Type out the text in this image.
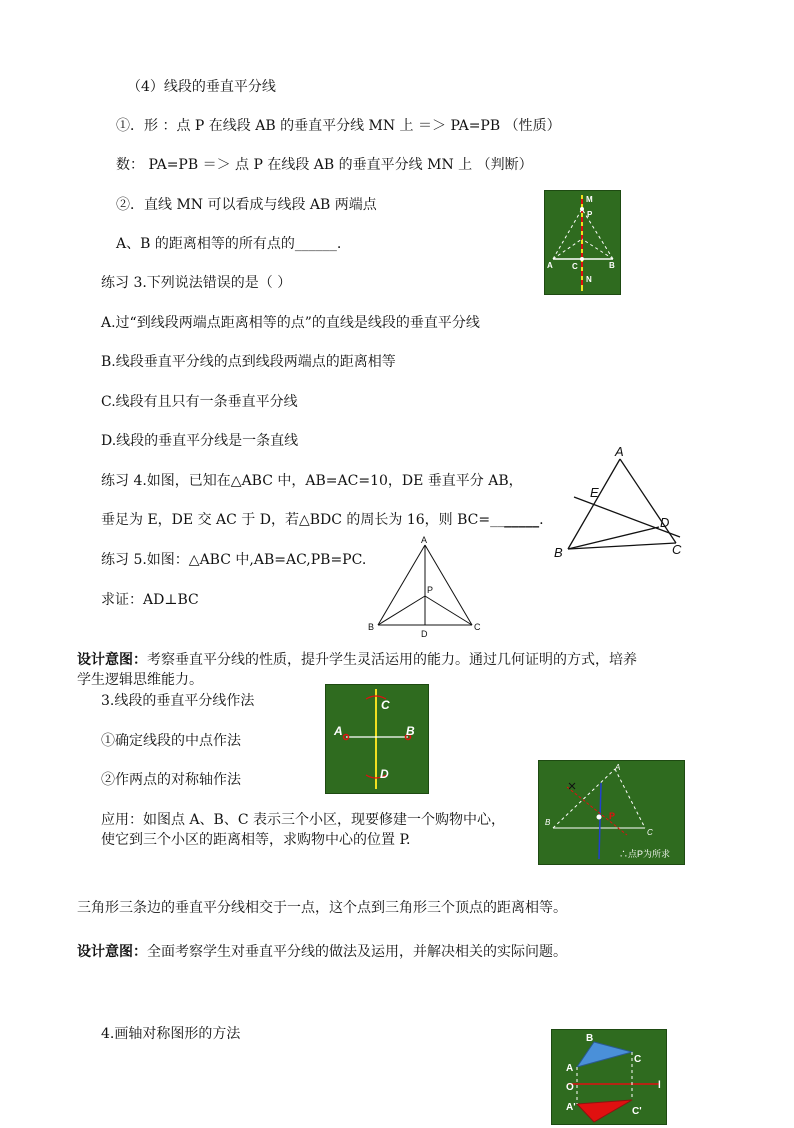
（4）线段的垂直平分线
①．形 ：点 P 在线段 AB 的垂直平分线 MN 上 ＝＞ PA=PB （性质）
数： PA=PB ＝＞ 点 P 在线段 AB 的垂直平分线 MN 上 （判断）
②．直线 MN 可以看成与线段 AB 两端点
A、B 的距离相等的所有点的______.
M
P
A C	B
N
练习 3.下列说法错误的是（ ）
A.过“到线段两端点距离相等的点”的直线是线段的垂直平分线
B.线段垂直平分线的点到线段两端点的距离相等
C.线段有且只有一条垂直平分线
D.线段的垂直平分线是一条直线
练习 4.如图，已知在△ABC 中，AB=AC=10，DE 垂直平分 AB，
垂足为 E，DE 交 AC 于 D，若△BDC 的周长为 16，则 BC=_______.
A
E
D
B	C
练习 5.如图：△ABC 中,AB=AC,PB=PC.
求证：AD⊥BC
A
P
B
D
C
设计意图：考察垂直平分线的性质，提升学生灵活运用的能力。通过几何证明的方式，培养
学生逻辑思维能力。
3.线段的垂直平分线作法
①确定线段的中点作法
②作两点的对称轴作法
C
A	B
D
应用：如图点 A、B、C 表示三个小区，现要修建一个购物中心，
使它到三个小区的距离相等，求购物中心的位置 P.
A
B
C
P
∴点P为所求
三角形三条边的垂直平分线相交于一点，这个点到三角形三个顶点的距离相等。
设计意图：全面考察学生对垂直平分线的做法及运用，并解决相关的实际问题。
4.画轴对称图形的方法	B
A
C
O	l
A'	C'
